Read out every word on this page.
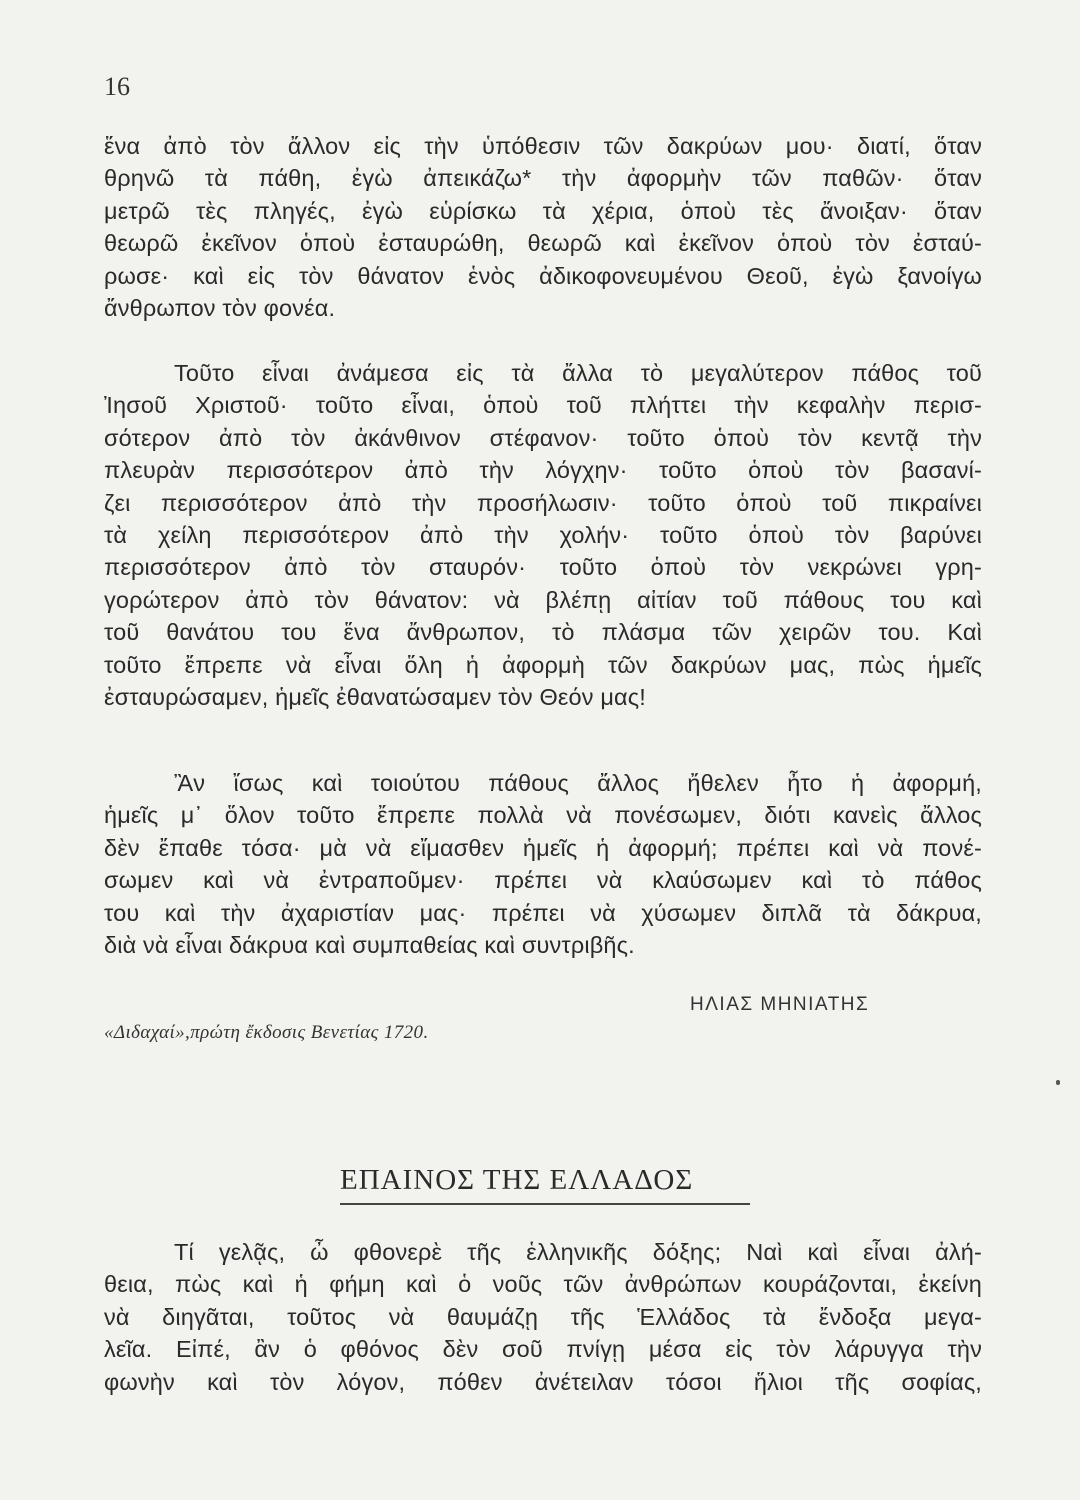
16
ἕνα ἀπὸ τὸν ἄλλον εἰς τὴν ὑπόθεσιν τῶν δακρύων μου· διατί, ὅταν
θρηνῶ τὰ πάθη, ἐγὼ ἀπεικάζω* τὴν ἀφορμὴν τῶν παθῶν· ὅταν
μετρῶ τὲς πληγές, ἐγὼ εὑρίσκω τὰ χέρια, ὁποὺ τὲς ἄνοιξαν· ὅταν
θεωρῶ ἐκεῖνον ὁποὺ ἐσταυρώθη, θεωρῶ καὶ ἐκεῖνον ὁποὺ τὸν ἐσταύ-
ρωσε· καὶ εἰς τὸν θάνατον ἑνὸς ἀδικοφονευμένου Θεοῦ, ἐγὼ ξανοίγω
ἄνθρωπον τὸν φονέα.
Τοῦτο εἶναι ἀνάμεσα εἰς τὰ ἄλλα τὸ μεγαλύτερον πάθος τοῦ
Ἰησοῦ Χριστοῦ· τοῦτο εἶναι, ὁποὺ τοῦ πλήττει τὴν κεφαλὴν περισ-
σότερον ἀπὸ τὸν ἀκάνθινον στέφανον· τοῦτο ὁποὺ τὸν κεντᾷ τὴν
πλευρὰν περισσότερον ἀπὸ τὴν λόγχην· τοῦτο ὁποὺ τὸν βασανί-
ζει περισσότερον ἀπὸ τὴν προσήλωσιν· τοῦτο ὁποὺ τοῦ πικραίνει
τὰ χείλη περισσότερον ἀπὸ τὴν χολήν· τοῦτο ὁποὺ τὸν βαρύνει
περισσότερον ἀπὸ τὸν σταυρόν· τοῦτο ὁποὺ τὸν νεκρώνει γρη-
γορώτερον ἀπὸ τὸν θάνατον: νὰ βλέπῃ αἰτίαν τοῦ πάθους του καὶ
τοῦ θανάτου του ἕνα ἄνθρωπον, τὸ πλάσμα τῶν χειρῶν του. Καὶ
τοῦτο ἔπρεπε νὰ εἶναι ὅλη ἡ ἀφορμὴ τῶν δακρύων μας, πὼς ἡμεῖς
ἐσταυρώσαμεν, ἡμεῖς ἐθανατώσαμεν τὸν Θεόν μας!
Ἂν ἴσως καὶ τοιούτου πάθους ἄλλος ἤθελεν ἦτο ἡ ἀφορμή,
ἡμεῖς μ᾽ ὅλον τοῦτο ἔπρεπε πολλὰ νὰ πονέσωμεν, διότι κανεὶς ἄλλος
δὲν ἔπαθε τόσα· μὰ νὰ εἴμασθεν ἡμεῖς ἡ ἀφορμή; πρέπει καὶ νὰ πονέ-
σωμεν καὶ νὰ ἐντραποῦμεν· πρέπει νὰ κλαύσωμεν καὶ τὸ πάθος
του καὶ τὴν ἀχαριστίαν μας· πρέπει νὰ χύσωμεν διπλᾶ τὰ δάκρυα,
διὰ νὰ εἶναι δάκρυα καὶ συμπαθείας καὶ συντριβῆς.
ΗΛΙΑΣ ΜΗΝΙΑΤΗΣ
«Διδαχαί»,πρώτη ἔκδοσις Βενετίας 1720.
ΕΠΑΙΝΟΣ ΤΗΣ ΕΛΛΑΔΟΣ
Τί γελᾷς, ὦ φθονερὲ τῆς ἑλληνικῆς δόξης; Ναὶ καὶ εἶναι ἀλή-
θεια, πὼς καὶ ἡ φήμη καὶ ὁ νοῦς τῶν ἀνθρώπων κουράζονται, ἐκείνη
νὰ διηγᾶται, τοῦτος νὰ θαυμάζῃ τῆς Ἑλλάδος τὰ ἔνδοξα μεγα-
λεῖα. Εἰπέ, ἂν ὁ φθόνος δὲν σοῦ πνίγῃ μέσα εἰς τὸν λάρυγγα τὴν
φωνὴν καὶ τὸν λόγον, πόθεν ἀνέτειλαν τόσοι ἥλιοι τῆς σοφίας,
